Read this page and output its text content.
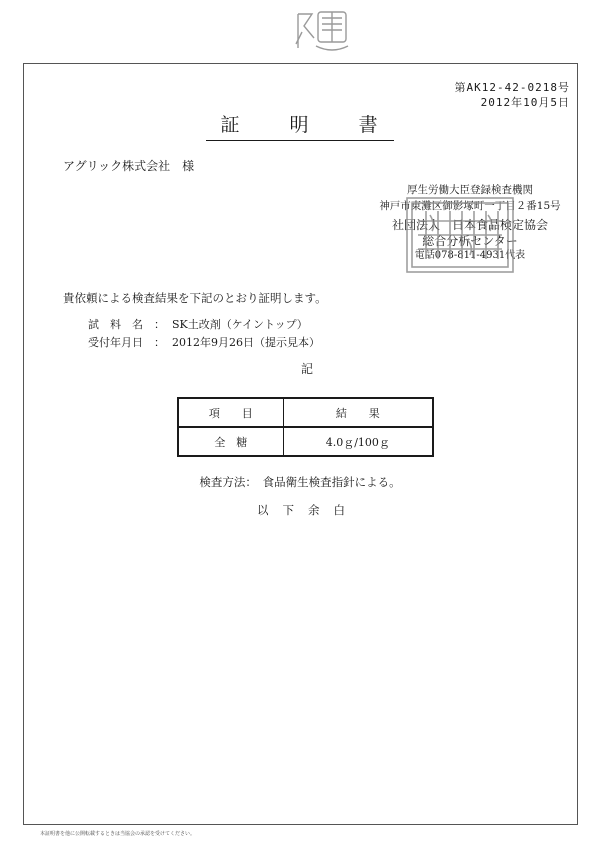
第AK12-42-0218号
2012年10月5日
証 明 書
アグリック株式会社　様
厚生労働大臣登録検査機関
神戸市東灘区御影塚町一丁目２番15号
社団法人　日本食品検定協会
総合分析センター
電話078-811-4931代表
貴依頼による検査結果を下記のとおり証明します。
試　料　名　： SK土改剤（ケイントップ）
受付年月日　： 2012年9月26日（提示見本）
記
項　　目	結　　果
全　糖	4.0ｇ/100ｇ
検査方法：　食品衛生検査指針による。
以下余白
本証明書を他に公開転載するときは当協会の承認を受けてください。
